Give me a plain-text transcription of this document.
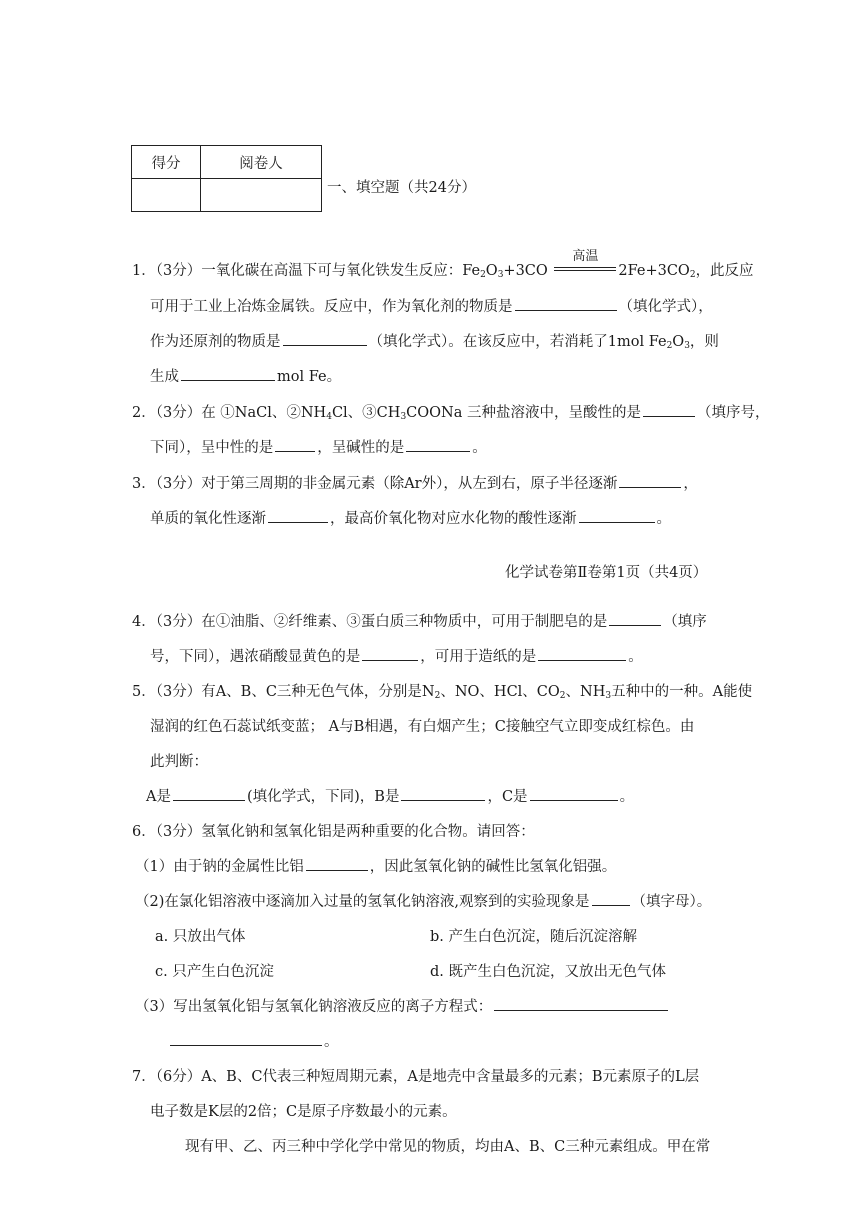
得分	阅卷人

一、填空题（共24分）
1．（3分）一氧化碳在高温下可与氧化铁发生反应：$Fe_2O_3+3CO$
高温
$2Fe+3CO_2$，此反应
可用于工业上冶炼金属铁。反应中，作为氧化剂的物质是	（填化学式），
作为还原剂的物质是	（填化学式）。在该反应中，若消耗了1mol $Fe_2O_3$，则
生成	mol Fe。
2．（3分）在 ①NaCl、$②NH_4Cl$、$③CH_3COONa$ 三种盐溶液中，呈酸性的是	（填序号，
下同），呈中性的是	，呈碱性的是	。
3．（3分）对于第三周期的非金属元素（除Ar外），从左到右，原子半径逐渐	，
单质的氧化性逐渐	，最高价氧化物对应水化物的酸性逐渐	。
化学试卷第Ⅱ卷第1页（共4页）
4．（3分）在①油脂、②纤维素、③蛋白质三种物质中，可用于制肥皂的是	（填序
号，下同），遇浓硝酸显黄色的是	，可用于造纸的是	。
5．（3分）有A、B、C三种无色气体，分别是$N_2$、NO、HCl、$CO_2$、$NH_3$五种中的一种。A能使
湿润的红色石蕊试纸变蓝； A与B相遇，有白烟产生；C接触空气立即变成红棕色。由
此判断：
A是	(填化学式，下同)，B是	，C是	。
6．（3分）氢氧化钠和氢氧化铝是两种重要的化合物。请回答：
（1）由于钠的金属性比铝	，因此氢氧化钠的碱性比氢氧化铝强。
（2)在氯化铝溶液中逐滴加入过量的氢氧化钠溶液,观察到的实验现象是	（填字母）。
a. 只放出气体	b. 产生白色沉淀，随后沉淀溶解
c. 只产生白色沉淀	d. 既产生白色沉淀，又放出无色气体
（3）写出氢氧化铝与氢氧化钠溶液反应的离子方程式：
。
7．（6分）A、B、C代表三种短周期元素，A是地壳中含量最多的元素；B元素原子的L层
电子数是K层的2倍；C是原子序数最小的元素。
现有甲、乙、丙三种中学化学中常见的物质，均由A、B、C三种元素组成。甲在常
